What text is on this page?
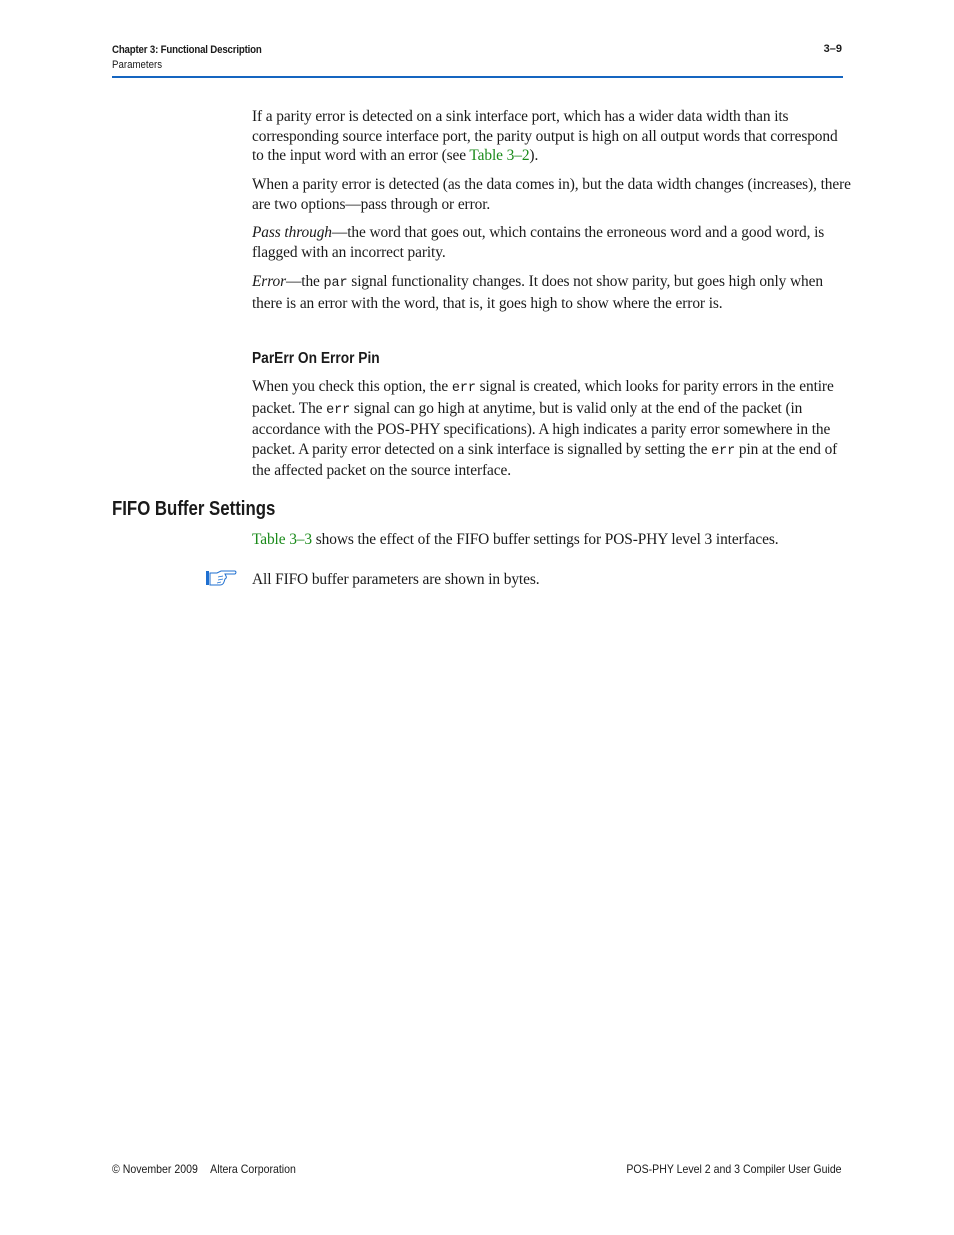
Chapter 3: Functional Description
Parameters
3–9

If a parity error is detected on a sink interface port, which has a wider data width than its corresponding source interface port, the parity output is high on all output words that correspond to the input word with an error (see Table 3–2).

When a parity error is detected (as the data comes in), but the data width changes (increases), there are two options—pass through or error.

Pass through—the word that goes out, which contains the erroneous word and a good word, is flagged with an incorrect parity.

Error—the par signal functionality changes. It does not show parity, but goes high only when there is an error with the word, that is, it goes high to show where the error is.

ParErr On Error Pin

When you check this option, the err signal is created, which looks for parity errors in the entire packet. The err signal can go high at anytime, but is valid only at the end of the packet (in accordance with the POS-PHY specifications). A high indicates a parity error somewhere in the packet. A parity error detected on a sink interface is signalled by setting the err pin at the end of the affected packet on the source interface.

FIFO Buffer Settings

Table 3–3 shows the effect of the FIFO buffer settings for POS-PHY level 3 interfaces.

All FIFO buffer parameters are shown in bytes.

© November 2009 Altera Corporation	POS-PHY Level 2 and 3 Compiler User Guide
